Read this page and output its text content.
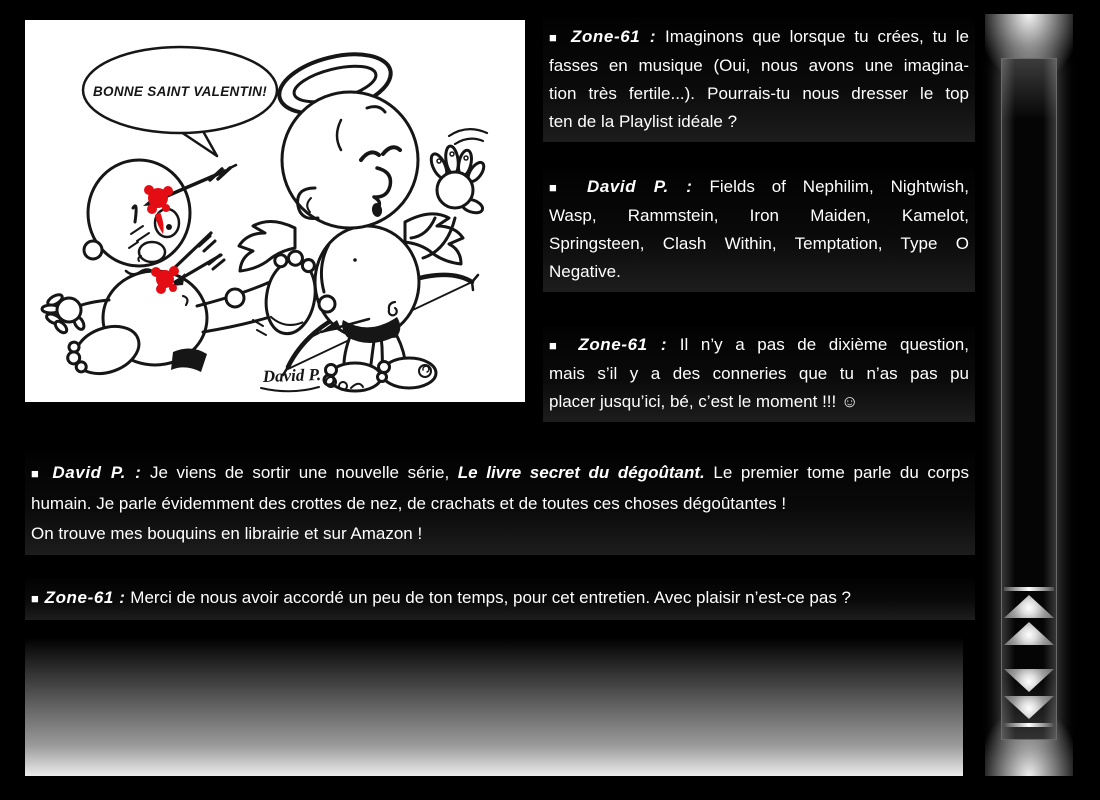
BONNE SAINT VALENTIN!
David P.
■ Zone-61 : Imaginons que lorsque tu crées, tu le
fasses en musique (Oui, nous avons une imagina-
tion très fertile...). Pourrais-tu nous dresser le top
ten de la Playlist idéale ?
■ David P. : Fields of Nephilim, Nightwish,
Wasp, Rammstein, Iron Maiden, Kamelot,
Springsteen, Clash Within, Temptation, Type O
Negative.
■ Zone-61 : Il n’y a pas de dixième question,
mais s’il y a des conneries que tu n’as pas pu
placer jusqu’ici, bé, c’est le moment !!! ☺
■ David P. : Je viens de sortir une nouvelle série, Le livre secret du dégoûtant. Le premier tome parle du corps
humain. Je parle évidemment des crottes de nez, de crachats et de toutes ces choses dégoûtantes !
On trouve mes bouquins en librairie et sur Amazon !
■ Zone-61 : Merci de nous avoir accordé un peu de ton temps, pour cet entretien. Avec plaisir n’est-ce pas ?
